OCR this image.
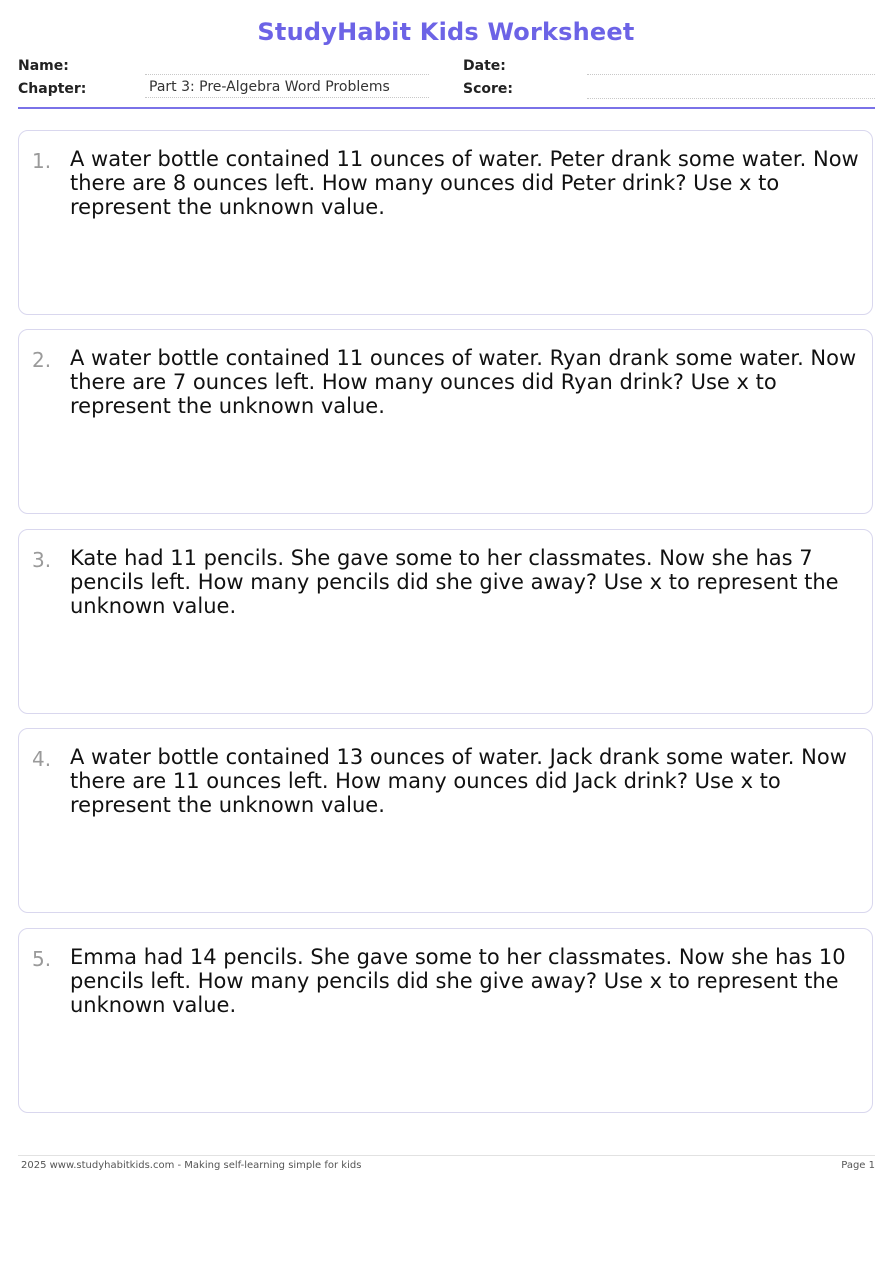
StudyHabit Kids Worksheet
Name:	Date:
Chapter:	Part 3: Pre-Algebra Word Problems	Score:
1. A water bottle contained 11 ounces of water. Peter drank some water. Now there are 8 ounces left. How many ounces did Peter drink? Use x to represent the unknown value.
2. A water bottle contained 11 ounces of water. Ryan drank some water. Now there are 7 ounces left. How many ounces did Ryan drink? Use x to represent the unknown value.
3. Kate had 11 pencils. She gave some to her classmates. Now she has 7 pencils left. How many pencils did she give away? Use x to represent the unknown value.
4. A water bottle contained 13 ounces of water. Jack drank some water. Now there are 11 ounces left. How many ounces did Jack drink? Use x to represent the unknown value.
5. Emma had 14 pencils. She gave some to her classmates. Now she has 10 pencils left. How many pencils did she give away? Use x to represent the unknown value.
2025 www.studyhabitkids.com - Making self-learning simple for kids	Page 1
